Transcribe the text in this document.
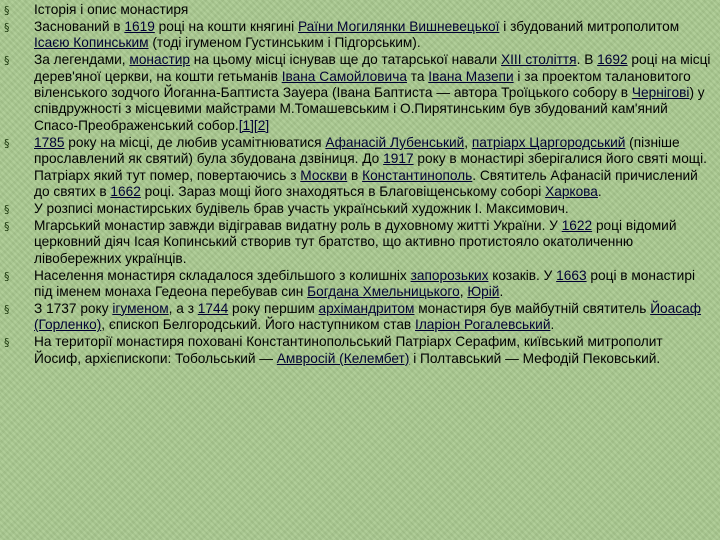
§ Історія і опис монастиря
§ Заснований в 1619 році на кошти княгині Раїни Могилянки Вишневецької і збудований митрополитом Ісаєю Копинським (тоді ігуменом Густинським і Підгорським).
§ За легендами, монастир на цьому місці існував ще до татарської навали XIII століття. В 1692 році на місці дерев'яної церкви, на кошти гетьманів Івана Самойловича та Івана Мазепи і за проектом талановитого віленського зодчого Йоганна-Баптиста Зауера (Івана Баптиста — автора Троїцького собору в Чернігові) у співдружності з місцевими майстрами М.Томашевським і О.Пирятинським був збудований кам'яний Спасо-Преображенський собор.[1][2]
§ 1785 року на місці, де любив усамітнюватися Афанасій Лубенський, патріарх Царгородський (пізніше прославлений як святий) була збудована дзвіниця. До 1917 року в монастирі зберігалися його святі мощі. Патріарх який тут помер, повертаючись з Москви в Константинополь. Святитель Афанасій причислений до святих в 1662 році. Зараз мощі його знаходяться в Благовіщенському соборі Харкова.
§ У розписі монастирських будівель брав участь український художник І. Максимович.
§ Мгарський монастир завжди відігравав видатну роль в духовному житті України. У 1622 році відомий церковний діяч Ісая Копинський створив тут братство, що активно протистояло окатоличенню лівобережних українців.
§ Населення монастиря складалося здебільшого з колишніх запорозьких козаків. У 1663 році в монастирі під іменем монаха Гедеона перебував син Богдана Хмельницького, Юрій.
§ З 1737 року ігуменом, а з 1744 року першим архімандритом монастиря був майбутній святитель Йоасаф (Горленко), єпископ Белгородський. Його наступником став Іларіон Рогалевський.
§ На території монастиря поховані Константинопольський Патріарх Серафим, київський митрополит Йосиф, архієпископи: Тобольський — Амвросій (Келембет) і Полтавський — Мефодій Пековський.
